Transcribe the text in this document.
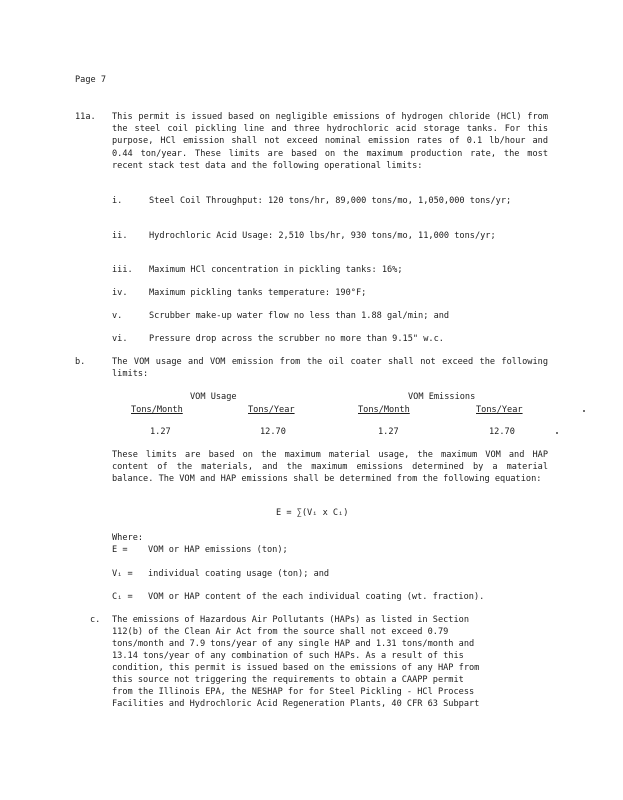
Page 7
11a. This permit is issued based on negligible emissions of hydrogen chloride (HCl) from the steel coil pickling line and three hydrochloric acid storage tanks. For this purpose, HCl emission shall not exceed nominal emission rates of 0.1 lb/hour and 0.44 ton/year. These limits are based on the maximum production rate, the most recent stack test data and the following operational limits:
i.	Steel Coil Throughput: 120 tons/hr, 89,000 tons/mo, 1,050,000 tons/yr;
ii. Hydrochloric Acid Usage: 2,510 lbs/hr, 930 tons/mo, 11,000 tons/yr;
iii. Maximum HCl concentration in pickling tanks: 16%;
iv. Maximum pickling tanks temperature: 190°F;
v.	Scrubber make-up water flow no less than 1.88 gal/min; and
vi. Pressure drop across the scrubber no more than 9.15" w.c.
b.	The VOM usage and VOM emission from the oil coater shall not exceed the following limits:
VOM Usage	VOM Emissions
Tons/Month	Tons/Year	Tons/Month	Tons/Year
1.27	12.70	1.27	12.70
These limits are based on the maximum material usage, the maximum VOM and HAP content of the materials, and the maximum emissions determined by a material balance. The VOM and HAP emissions shall be determined from the following equation:
E = ∑(Vᵢ x Cᵢ)
Where:
E = VOM or HAP emissions (ton);
Vᵢ = individual coating usage (ton); and
Cᵢ = VOM or HAP content of the each individual coating (wt. fraction).
c. The emissions of Hazardous Air Pollutants (HAPs) as listed in Section
112(b) of the Clean Air Act from the source shall not exceed 0.79
tons/month and 7.9 tons/year of any single HAP and 1.31 tons/month and
13.14 tons/year of any combination of such HAPs. As a result of this
condition, this permit is issued based on the emissions of any HAP from
this source not triggering the requirements to obtain a CAAPP permit
from the Illinois EPA, the NESHAP for for Steel Pickling - HCl Process
Facilities and Hydrochloric Acid Regeneration Plants, 40 CFR 63 Subpart
